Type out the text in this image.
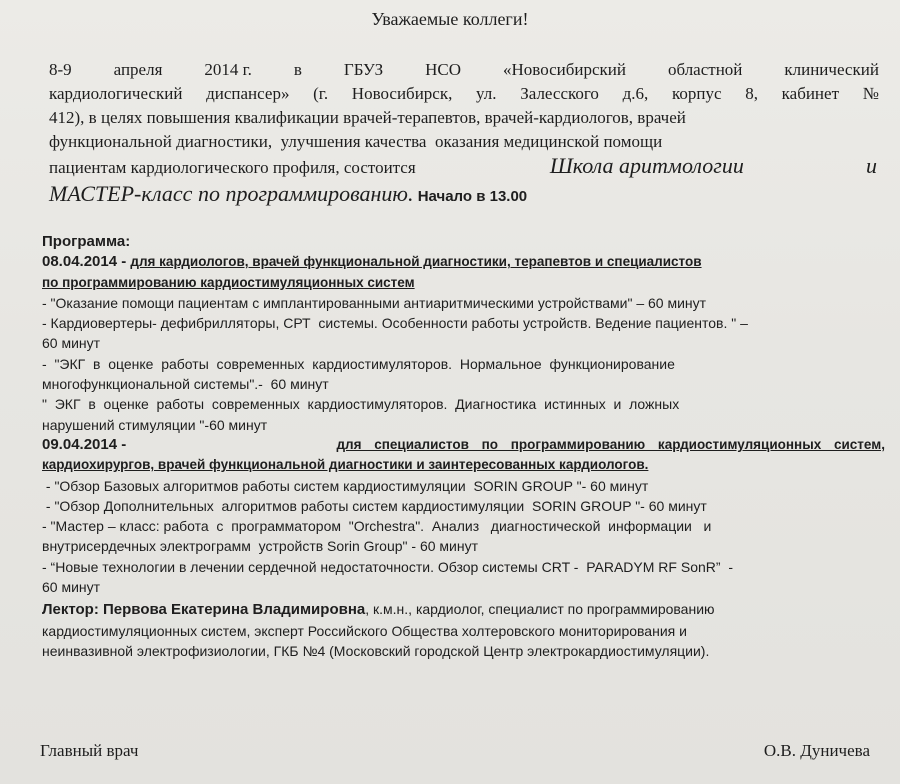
Уважаемые коллеги!
8-9 апреля 2014 г. в ГБУЗ НСО «Новосибирский областной клинический
кардиологический диспансер» (г. Новосибирск, ул. Залесского д.6, корпус 8, кабинет №
412), в целях повышения квалификации врачей-терапевтов, врачей-кардиологов, врачей
функциональной диагностики,  улучшения качества  оказания медицинской помощи
пациентам кардиологического профиля, состоится	Школа аритмологии	и
МАСТЕР-класс по программированию. Начало в 13.00
Программа:
08.04.2014 - для кардиологов, врачей функциональной диагностики, терапевтов и специалистов
по программированию кардиостимуляционных систем
- "Оказание помощи пациентам с имплантированными антиаритмическими устройствами" – 60 минут
- Кардиовертеры- дефибрилляторы, СРТ  системы. Особенности работы устройств. Ведение пациентов. " –
60 минут
-  "ЭКГ  в  оценке  работы  современных  кардиостимуляторов.  Нормальное  функционирование
многофункциональной системы".-  60 минут
"  ЭКГ  в  оценке  работы  современных  кардиостимуляторов.  Диагностика  истинных  и  ложных
нарушений стимуляции "-60 минут
09.04.2014 -	для специалистов по программированию кардиостимуляционных систем,
кардиохирургов, врачей функциональной диагностики и заинтересованных кардиологов.
- "Обзор Базовых алгоритмов работы систем кардиостимуляции  SORIN GROUP "- 60 минут
- "Обзор Дополнительных  алгоритмов работы систем кардиостимуляции  SORIN GROUP "- 60 минут
- "Мастер – класс: работа  с  программатором  "Orchestra".  Анализ   диагностической  информации   и
внутрисердечных электрограмм  устройств Sorin Group" - 60 минут
- “Новые технологии в лечении сердечной недостаточности. Обзор системы CRT -  PARADYM RF SonR”  -
60 минут
Лектор: Первова Екатерина Владимировна, к.м.н., кардиолог, специалист по программированию
кардиостимуляционных систем, эксперт Российского Общества холтеровского мониторирования и
неинвазивной электрофизиологии, ГКБ №4 (Московский городской Центр электрокардиостимуляции).
Главный врач	О.В. Дуничева
